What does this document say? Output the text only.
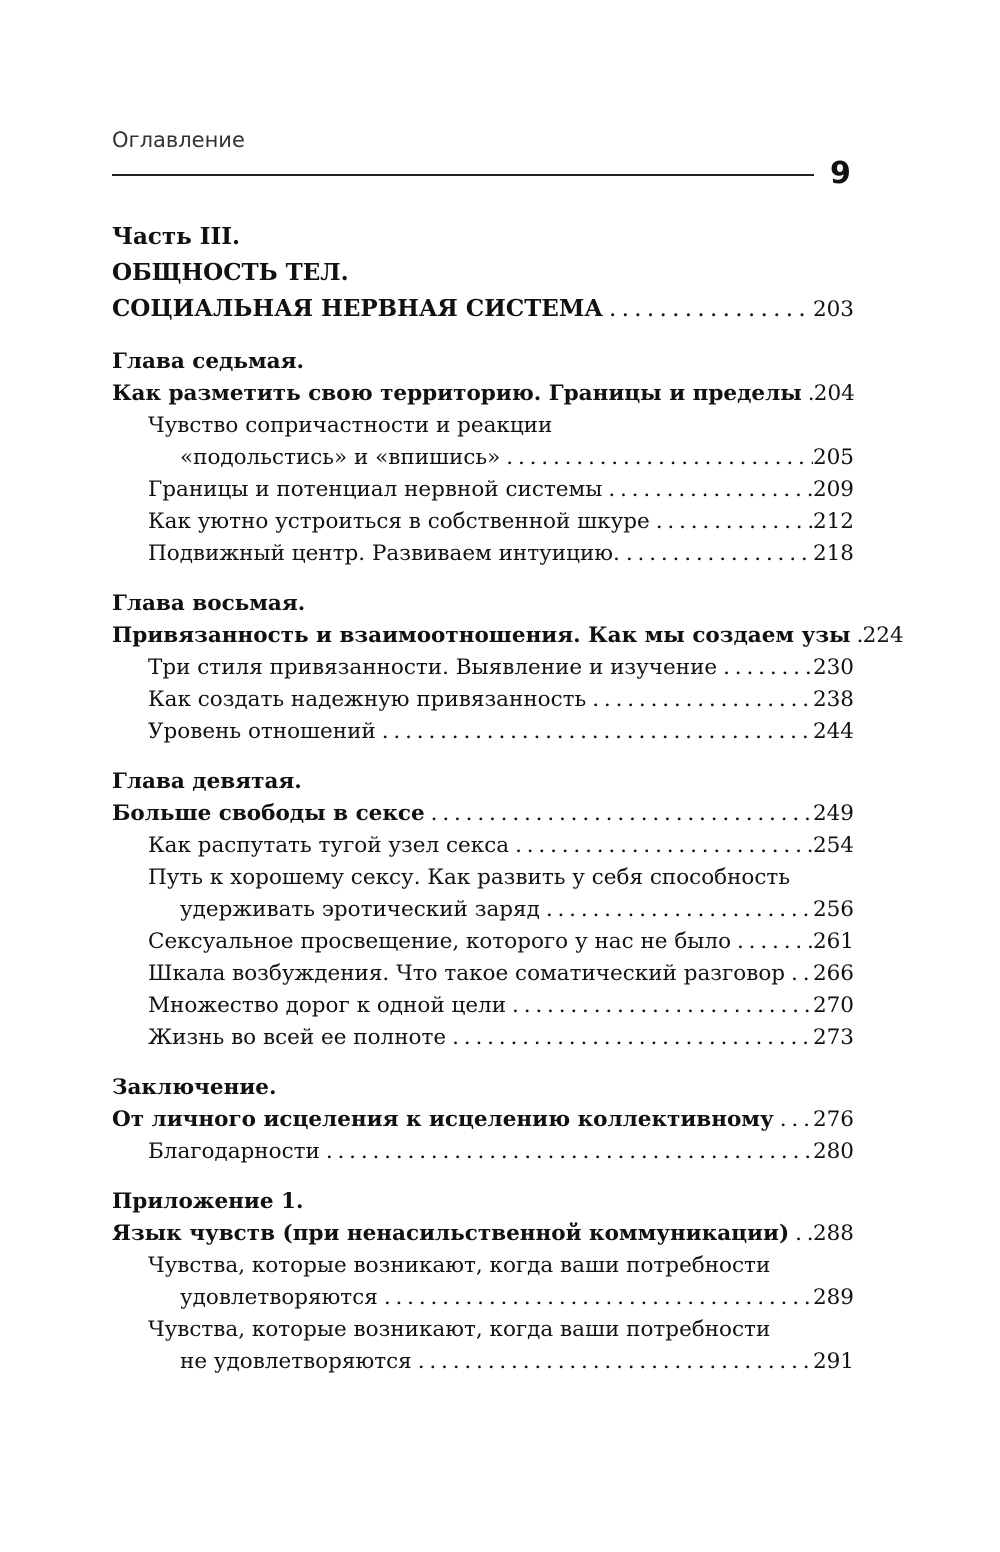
Оглавление
9
Часть III.
ОБЩНОСТЬ ТЕЛ.
СОЦИАЛЬНАЯ НЕРВНАЯ СИСТЕМА . . .	203
Глава седьмая.
Как разметить свою территорию. Границы и пределы . . . 204
Чувство сопричастности и реакции
«подольстись» и «впишись» . . .	205
Границы и потенциал нервной системы . . .	209
Как уютно устроиться в собственной шкуре . . .	212
Подвижный центр. Развиваем интуицию. . . .	218
Глава восьмая.
Привязанность и взаимоотношения. Как мы создаем узы . . . 224
Три стиля привязанности. Выявление и изучение . . .	230
Как создать надежную привязанность . . .	238
Уровень отношений . . .	244
Глава девятая.
Больше свободы в сексе . . .	249
Как распутать тугой узел секса . . .	254
Путь к хорошему сексу. Как развить у себя способность
удерживать эротический заряд . . .	256
Сексуальное просвещение, которого у нас не было . . .	261
Шкала возбуждения. Что такое соматический разговор . . . 266
Множество дорог к одной цели . . .	270
Жизнь во всей ее полноте . . .	273
Заключение.
От личного исцеления к исцелению коллективному . . . 276
Благодарности . . .	280
Приложение 1.
Язык чувств (при ненасильственной коммуникации) . . . 288
Чувства, которые возникают, когда ваши потребности
удовлетворяются . . .	289
Чувства, которые возникают, когда ваши потребности
не удовлетворяются . . .	291
